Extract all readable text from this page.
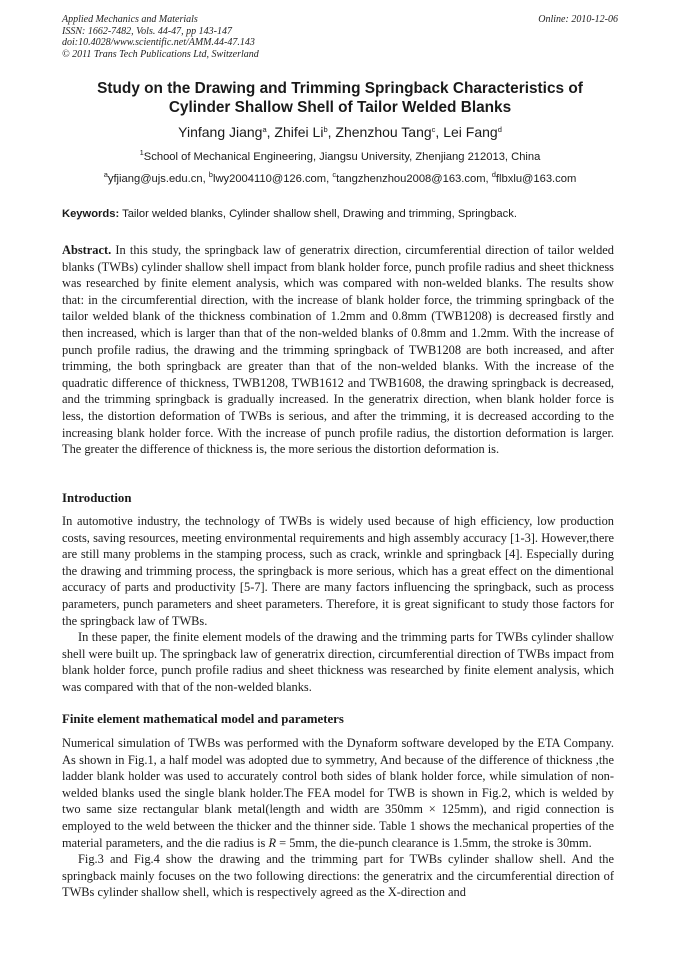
Applied Mechanics and Materials
ISSN: 1662-7482, Vols. 44-47, pp 143-147
doi:10.4028/www.scientific.net/AMM.44-47.143
© 2011 Trans Tech Publications Ltd, Switzerland
Online: 2010-12-06
Study on the Drawing and Trimming Springback Characteristics of
Cylinder Shallow Shell of Tailor Welded Blanks
Yinfang Jiang$^a$, Zhifei Li$^b$, Zhenzhou Tang$^c$, Lei Fang$^d$
$^1$School of Mechanical Engineering, Jiangsu University, Zhenjiang 212013, China
$^a$yfjiang@ujs.edu.cn, $^b$lwy2004110@126.com, $^c$tangzhenzhou2008@163.com, $^d$flbxlu@163.com
Keywords: Tailor welded blanks, Cylinder shallow shell, Drawing and trimming, Springback.
Abstract. In this study, the springback law of generatrix direction, circumferential direction of tailor welded blanks (TWBs) cylinder shallow shell impact from blank holder force, punch profile radius and sheet thickness was researched by finite element analysis, which was compared with non-welded blanks. The results show that: in the circumferential direction, with the increase of blank holder force, the trimming springback of the tailor welded blank of the thickness combination of 1.2mm and 0.8mm (TWB1208) is decreased firstly and then increased, which is larger than that of the non-welded blanks of 0.8mm and 1.2mm. With the increase of punch profile radius, the drawing and the trimming springback of TWB1208 are both increased, and after trimming, the both springback are greater than that of the non-welded blanks. With the increase of the quadratic difference of thickness, TWB1208, TWB1612 and TWB1608, the drawing springback is decreased, and the trimming springback is gradually increased. In the generatrix direction, when blank holder force is less, the distortion deformation of TWBs is serious, and after the trimming, it is decreased according to the increasing blank holder force. With the increase of punch profile radius, the distortion deformation is larger. The greater the difference of thickness is, the more serious the distortion deformation is.
Introduction

In automotive industry, the technology of TWBs is widely used because of high efficiency, low production costs, saving resources, meeting environmental requirements and high assembly accuracy [1-3]. However,there are still many problems in the stamping process, such as crack, wrinkle and springback [4]. Especially during the drawing and trimming process, the springback is more serious, which has a great effect on the dimentional accuracy of parts and productivity [5-7]. There are many factors influencing the springback, such as process parameters, punch parameters and sheet parameters. Therefore, it is great significant to study those factors for the springback law of TWBs.

In these paper, the finite element models of the drawing and the trimming parts for TWBs cylinder shallow shell were built up. The springback law of generatrix direction, circumferential direction of TWBs impact from blank holder force, punch profile radius and sheet thickness was researched by finite element analysis, which was compared with that of the non-welded blanks.

Finite element mathematical model and parameters

Numerical simulation of TWBs was performed with the Dynaform software developed by the ETA Company. As shown in Fig.1, a half model was adopted due to symmetry, And because of the difference of thickness ,the ladder blank holder was used to accurately control both sides of blank holder force, while simulation of non-welded blanks used the single blank holder.The FEA model for TWB is shown in Fig.2, which is welded by two same size rectangular blank metal(length and width are 350mm × 125mm), and rigid connection is employed to the weld between the thicker and the thinner side. Table 1 shows the mechanical properties of the material parameters, and the die radius is R = 5mm, the die-punch clearance is 1.5mm, the stroke is 30mm.

Fig.3 and Fig.4 show the drawing and the trimming part for TWBs cylinder shallow shell. And the springback mainly focuses on the two following directions: the generatrix and the circumferential direction of TWBs cylinder shallow shell, which is respectively agreed as the X-direction and
